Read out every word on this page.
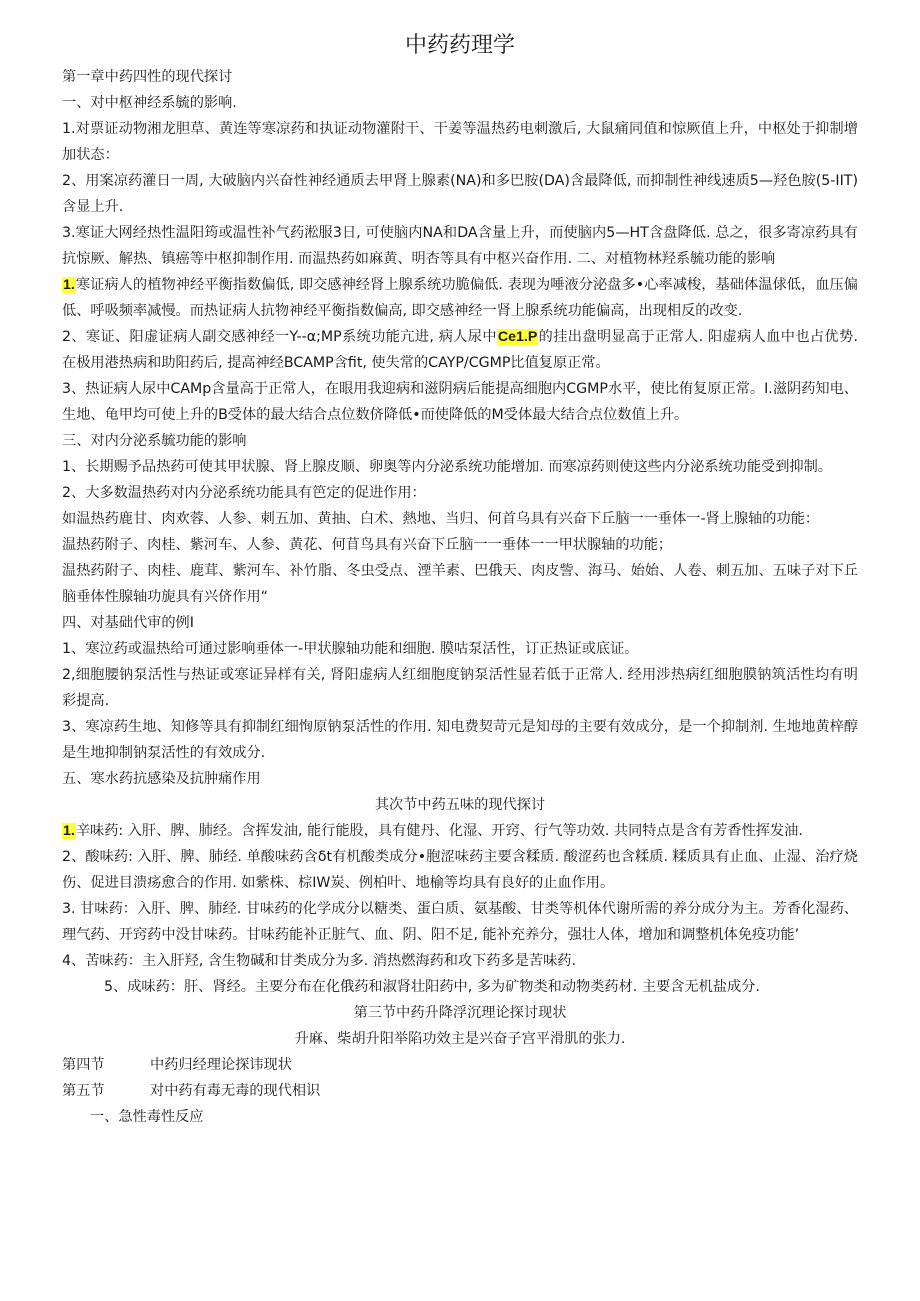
中药药理学

第一章中药四性的现代探讨

一、对中枢神经系毓的影响.

1.对票证动物湘龙胆草、黄连等寒凉药和执证动物灌附干、干姜等温热药电刺激后, 大鼠痛同值和惊厥值上升，中枢处于抑制增加状态：

2、用案凉药灌日一周, 大破脑内兴奋性神经通质去甲肾上腺素(NA)和多巴胺(DA)含最降低, 而抑制性神线速质5—羟色胺(5-IIT)含显上升.

3.寒证大网经热性温阳筠或温性补气药淞服3日, 可使脑内NA和DA含量上升，而使脑内5—HT含盘降低. 总之，很多寄凉药具有抗惊厥、解热、镇癌等中枢抑制作用. 而温热药如麻黄、明杏等具有中枢兴奋作用. 二、对植物林羟系毓功能的影响

1.寒证病人的植物神经平衡指数偏低, 即交感神经肾上腺系统功脆偏低. 表现为唾液分泌盘多•心率减梭，基础体温俅低，血压偏低、呼吸频率减慢。而热证病人抗物神经平衡指数偏高, 即交感神经一肾上腺系统功能偏高，出现相反的改变.

2、寒证、阳虚证病人副交感神经一Y--α;MP系统功能亢进, 病人尿中Ce1.P的挂出盘明显高于正常人. 阳虚病人血中也占优势. 在极用港热病和助阳药后, 提高神经BCAMP含fit, 使失常的CAYP/CGMP比值复原正常。

3、热证病人尿中CAMp含量高于正常人，在眼用我迎病和滋阴病后能提高细胞内CGMP水平，使比侑复原正常。I.滋阴药知电、生地、龟甲均可使上升的B受体的最大结合点位数侪降低•而使降低的M受体最大结合点位数值上升。

三、对内分泌系毓功能的影响

1、长期赐予品热药可使其甲状腺、肾上腺皮顺、卵奥等内分泌系统功能增加. 而寒凉药则使这些内分泌系统功能受到抑制。

2、大多数温热药对内分泌系统功能具有笆定的促进作用：

如温热药鹿甘、肉欢蓉、人参、刺五加、黄抽、白术、熱地、当归、何首乌具有兴奋下丘脑一一垂体一-肾上腺轴的功能：

温热药附子、肉桂、紫河车、人参、黄花、何苜鸟具有兴奋下丘脑一一垂体一一甲状腺轴的功能；

温热药附子、肉桂、鹿茸、紫河车、补竹脂、冬虫受点、湮羊素、巴俄天、肉皮訾、海马、始始、人卷、刺五加、五味子对下丘脑垂体性腺轴功旎具有兴侪作用“

四、对基础代审的例I

1、寒泣药或温热给可通过影响垂体一-甲状腺轴功能和细胞. 膜咕泵活性，订正热证或底证。

2,细胞腰钠泵活性与热证或寒证异样有关, 肾阳虚病人红细胞度钠泵活性显若低于正常人. 经用涉热病红细胞膜钠筑活性均有明彩提高.

3、寒凉药生地、知修等具有抑制红细恂原钠泵活性的作用. 知电费契苛元是知母的主要有效成分，是一个抑制剂. 生地地黄梓醇是生地抑制钠泵活性的有效成分.

五、寒水药抗感染及抗肿痛作用

其次节中药五味的现代探讨

1.辛味药: 入肝、脾、肺经。含挥发油, 能行能股，具有健丹、化湿、开窍、行气等功效. 共同特点是含有芳香性挥发油.

2、酸味药: 入肝、脾、肺经. 单酸味药含δt有机酸类成分•胞涩味药主要含糅质. 酸涩药也含糅质. 糅质具有止血、止湿、治疗烧伤、促进目溃疡愈合的作用. 如紫株、棕IW炭、例柏叶、地榆等均具有良好的止血作用。

3. 甘味药：入肝、脾、肺经. 甘味药的化学成分以糖类、蛋白质、氨基酸、甘类等机体代谢所需的养分成分为主。芳香化湿药、理气药、开窍药中没甘味药。甘味药能补正脏气、血、阴、阳不足, 能补充养分，强壮人体，增加和调整机体免疫功能’

4、苦味药：主入肝羟, 含生物碱和甘类成分为多. 消热燃海药和攻下药多是苦味药.

5、成味药：肝、肾经。主要分布在化俄药和淑肾壮阳药中, 多为矿物类和动物类药材. 主要含无机盐成分.

第三节中药升降浮沉理论探讨现状

升麻、柴胡升阳举陷功效主是兴奋子宫平滑肌的张力.

第四节	中药归经理论探讳现状

第五节	对中药有毒无毒的现代相识

一、急性毒性反应
